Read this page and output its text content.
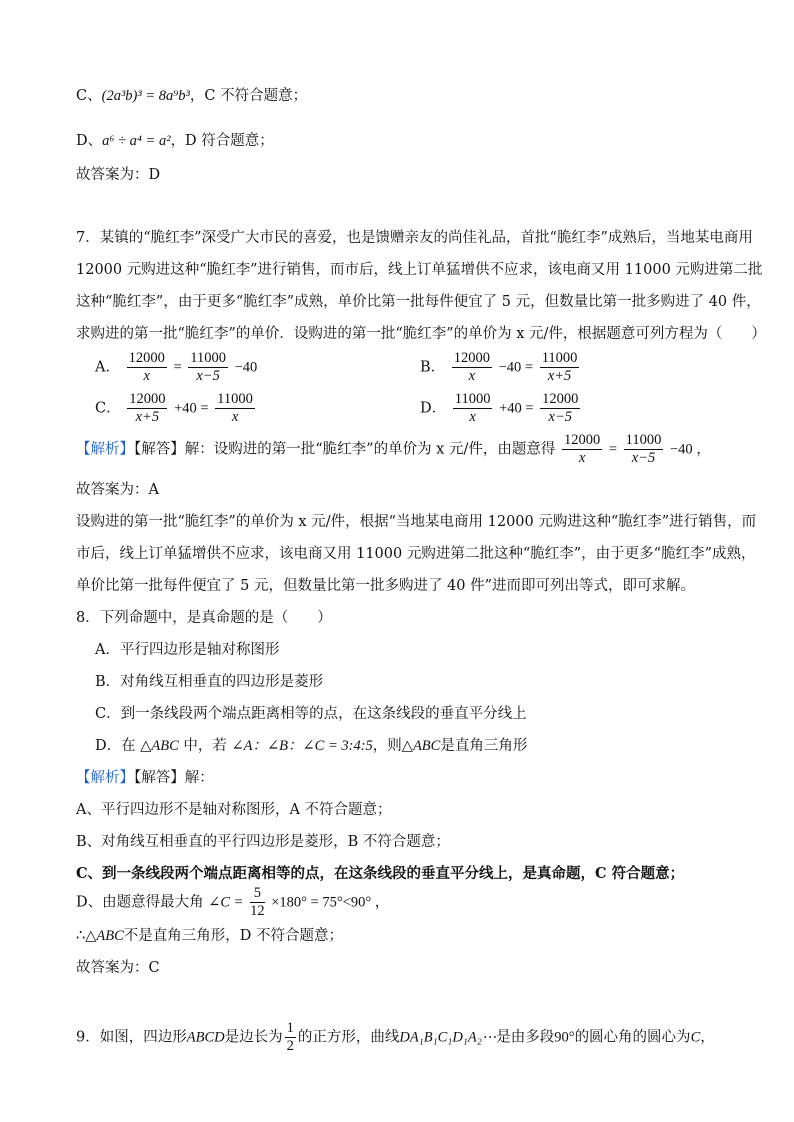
C、(2a³b)³ = 8a⁹b³，C 不符合题意；
D、a⁶ ÷ a⁴ = a²，D 符合题意；
故答案为：D
7．某镇的“脆红李”深受广大市民的喜爱，也是馈赠亲友的尚佳礼品，首批“脆红李”成熟后，当地某电商用
12000 元购进这种“脆红李”进行销售，而市后，线上订单猛增供不应求，该电商又用 11000 元购进第二批
这种“脆红李”，由于更多“脆红李”成熟，单价比第一批每件便宜了 5 元，但数量比第一批多购进了 40 件，
求购进的第一批“脆红李”的单价．设购进的第一批“脆红李”的单价为 x 元/件，根据题意可列方程为（　　）
A． $\frac{12000}{x} = \frac{11000}{x-5} -40$	B． $\frac{12000}{x} -40 = \frac{11000}{x+5}$
C． $\frac{12000}{x+5} +40 = \frac{11000}{x}$	D． $\frac{11000}{x} +40 = \frac{12000}{x-5}$
【解析】【解答】解：设购进的第一批“脆红李”的单价为 x 元/件，由题意得 $\frac{12000}{x} = \frac{11000}{x-5} -40$ ，
故答案为：A
设购进的第一批“脆红李”的单价为 x 元/件，根据“当地某电商用 12000 元购进这种“脆红李”进行销售，而
市后，线上订单猛增供不应求，该电商又用 11000 元购进第二批这种“脆红李”，由于更多“脆红李”成熟，
单价比第一批每件便宜了 5 元，但数量比第一批多购进了 40 件”进而即可列出等式，即可求解。
8．下列命题中，是真命题的是（　　）
A．平行四边形是轴对称图形
B．对角线互相垂直的四边形是菱形
C．到一条线段两个端点距离相等的点，在这条线段的垂直平分线上
D．在 △ABC 中，若 ∠A：∠B：∠C = 3:4:5，则△ABC是直角三角形
【解析】【解答】解：
A、平行四边形不是轴对称图形，A 不符合题意；
B、对角线互相垂直的平行四边形是菱形，B 不符合题意；
C、到一条线段两个端点距离相等的点，在这条线段的垂直平分线上，是真命题，C 符合题意；
D、由题意得最大角 ∠C = $\frac{5}{12} \times 180^\circ = 75^\circ<90^\circ$ ，
∴△ABC不是直角三角形，D 不符合题意；
故答案为：C
9．如图，四边形ABCD是边长为 $\frac{1}{2}$ 的正方形，曲线DA₁B₁C₁D₁A₂⋯是由多段90°的圆心角的圆心为C，
